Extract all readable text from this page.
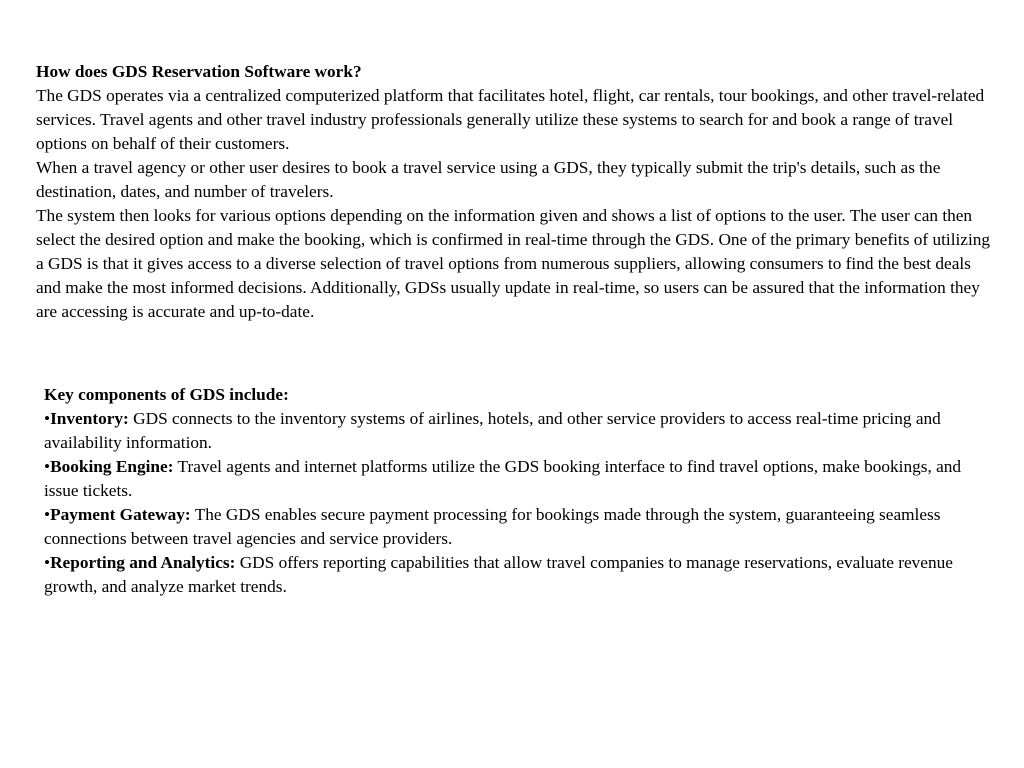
How does GDS Reservation Software work?

The GDS operates via a centralized computerized platform that facilitates hotel, flight, car rentals, tour bookings, and other travel-related services. Travel agents and other travel industry professionals generally utilize these systems to search for and book a range of travel options on behalf of their customers.

When a travel agency or other user desires to book a travel service using a GDS, they typically submit the trip's details, such as the destination, dates, and number of travelers.

The system then looks for various options depending on the information given and shows a list of options to the user. The user can then select the desired option and make the booking, which is confirmed in real-time through the GDS. One of the primary benefits of utilizing a GDS is that it gives access to a diverse selection of travel options from numerous suppliers, allowing consumers to find the best deals and make the most informed decisions. Additionally, GDSs usually update in real-time, so users can be assured that the information they are accessing is accurate and up-to-date.

Key components of GDS include:

•Inventory: GDS connects to the inventory systems of airlines, hotels, and other service providers to access real-time pricing and availability information.

•Booking Engine: Travel agents and internet platforms utilize the GDS booking interface to find travel options, make bookings, and issue tickets.

•Payment Gateway: The GDS enables secure payment processing for bookings made through the system, guaranteeing seamless connections between travel agencies and service providers.

•Reporting and Analytics: GDS offers reporting capabilities that allow travel companies to manage reservations, evaluate revenue growth, and analyze market trends.
